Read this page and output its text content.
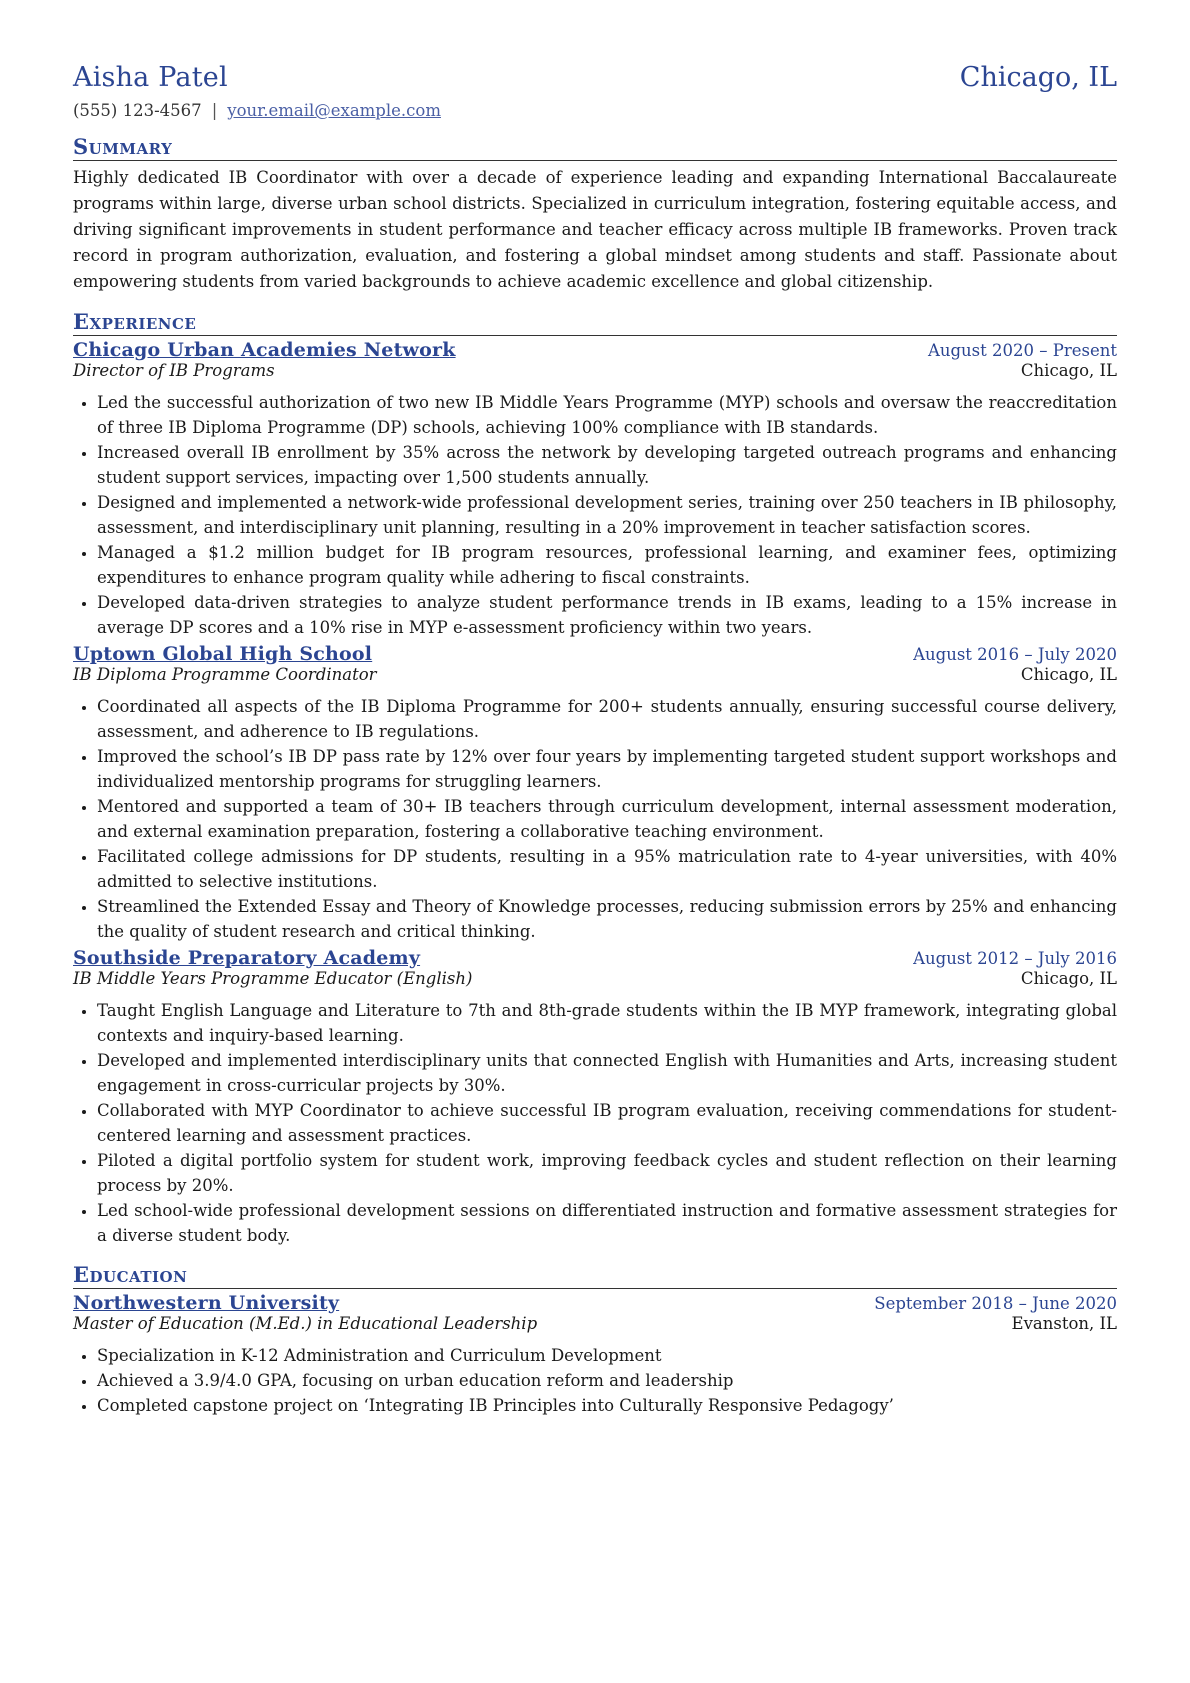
Aisha Patel	Chicago, IL
(555) 123-4567 | your.email@example.com
Summary
Highly dedicated IB Coordinator with over a decade of experience leading and expanding International Baccalaureate programs within large, diverse urban school districts. Specialized in curriculum integration, fostering equitable access, and driving significant improvements in student performance and teacher efficacy across multiple IB frameworks. Proven track record in program authorization, evaluation, and fostering a global mindset among students and staff. Passionate about empowering students from varied backgrounds to achieve academic excellence and global citizenship.
Experience
Chicago Urban Academies Network	August 2020 – Present
Director of IB Programs	Chicago, IL
• Led the successful authorization of two new IB Middle Years Programme (MYP) schools and oversaw the reaccreditation of three IB Diploma Programme (DP) schools, achieving 100% compliance with IB standards.
• Increased overall IB enrollment by 35% across the network by developing targeted outreach programs and enhancing student support services, impacting over 1,500 students annually.
• Designed and implemented a network-wide professional development series, training over 250 teachers in IB philosophy, assessment, and interdisciplinary unit planning, resulting in a 20% improvement in teacher satisfaction scores.
• Managed a $1.2 million budget for IB program resources, professional learning, and examiner fees, optimizing expenditures to enhance program quality while adhering to fiscal constraints.
• Developed data-driven strategies to analyze student performance trends in IB exams, leading to a 15% increase in average DP scores and a 10% rise in MYP e-assessment proficiency within two years.
Uptown Global High School	August 2016 – July 2020
IB Diploma Programme Coordinator	Chicago, IL
• Coordinated all aspects of the IB Diploma Programme for 200+ students annually, ensuring successful course delivery, assessment, and adherence to IB regulations.
• Improved the school’s IB DP pass rate by 12% over four years by implementing targeted student support workshops and individualized mentorship programs for struggling learners.
• Mentored and supported a team of 30+ IB teachers through curriculum development, internal assessment moderation, and external examination preparation, fostering a collaborative teaching environment.
• Facilitated college admissions for DP students, resulting in a 95% matriculation rate to 4-year universities, with 40% admitted to selective institutions.
• Streamlined the Extended Essay and Theory of Knowledge processes, reducing submission errors by 25% and enhancing the quality of student research and critical thinking.
Southside Preparatory Academy	August 2012 – July 2016
IB Middle Years Programme Educator (English)	Chicago, IL
• Taught English Language and Literature to 7th and 8th-grade students within the IB MYP framework, integrating global contexts and inquiry-based learning.
• Developed and implemented interdisciplinary units that connected English with Humanities and Arts, increasing student engagement in cross-curricular projects by 30%.
• Collaborated with MYP Coordinator to achieve successful IB program evaluation, receiving commendations for student-centered learning and assessment practices.
• Piloted a digital portfolio system for student work, improving feedback cycles and student reflection on their learning process by 20%.
• Led school-wide professional development sessions on differentiated instruction and formative assessment strategies for a diverse student body.
Education
Northwestern University	September 2018 – June 2020
Master of Education (M.Ed.) in Educational Leadership	Evanston, IL
• Specialization in K-12 Administration and Curriculum Development
• Achieved a 3.9/4.0 GPA, focusing on urban education reform and leadership
• Completed capstone project on ‘Integrating IB Principles into Culturally Responsive Pedagogy’
